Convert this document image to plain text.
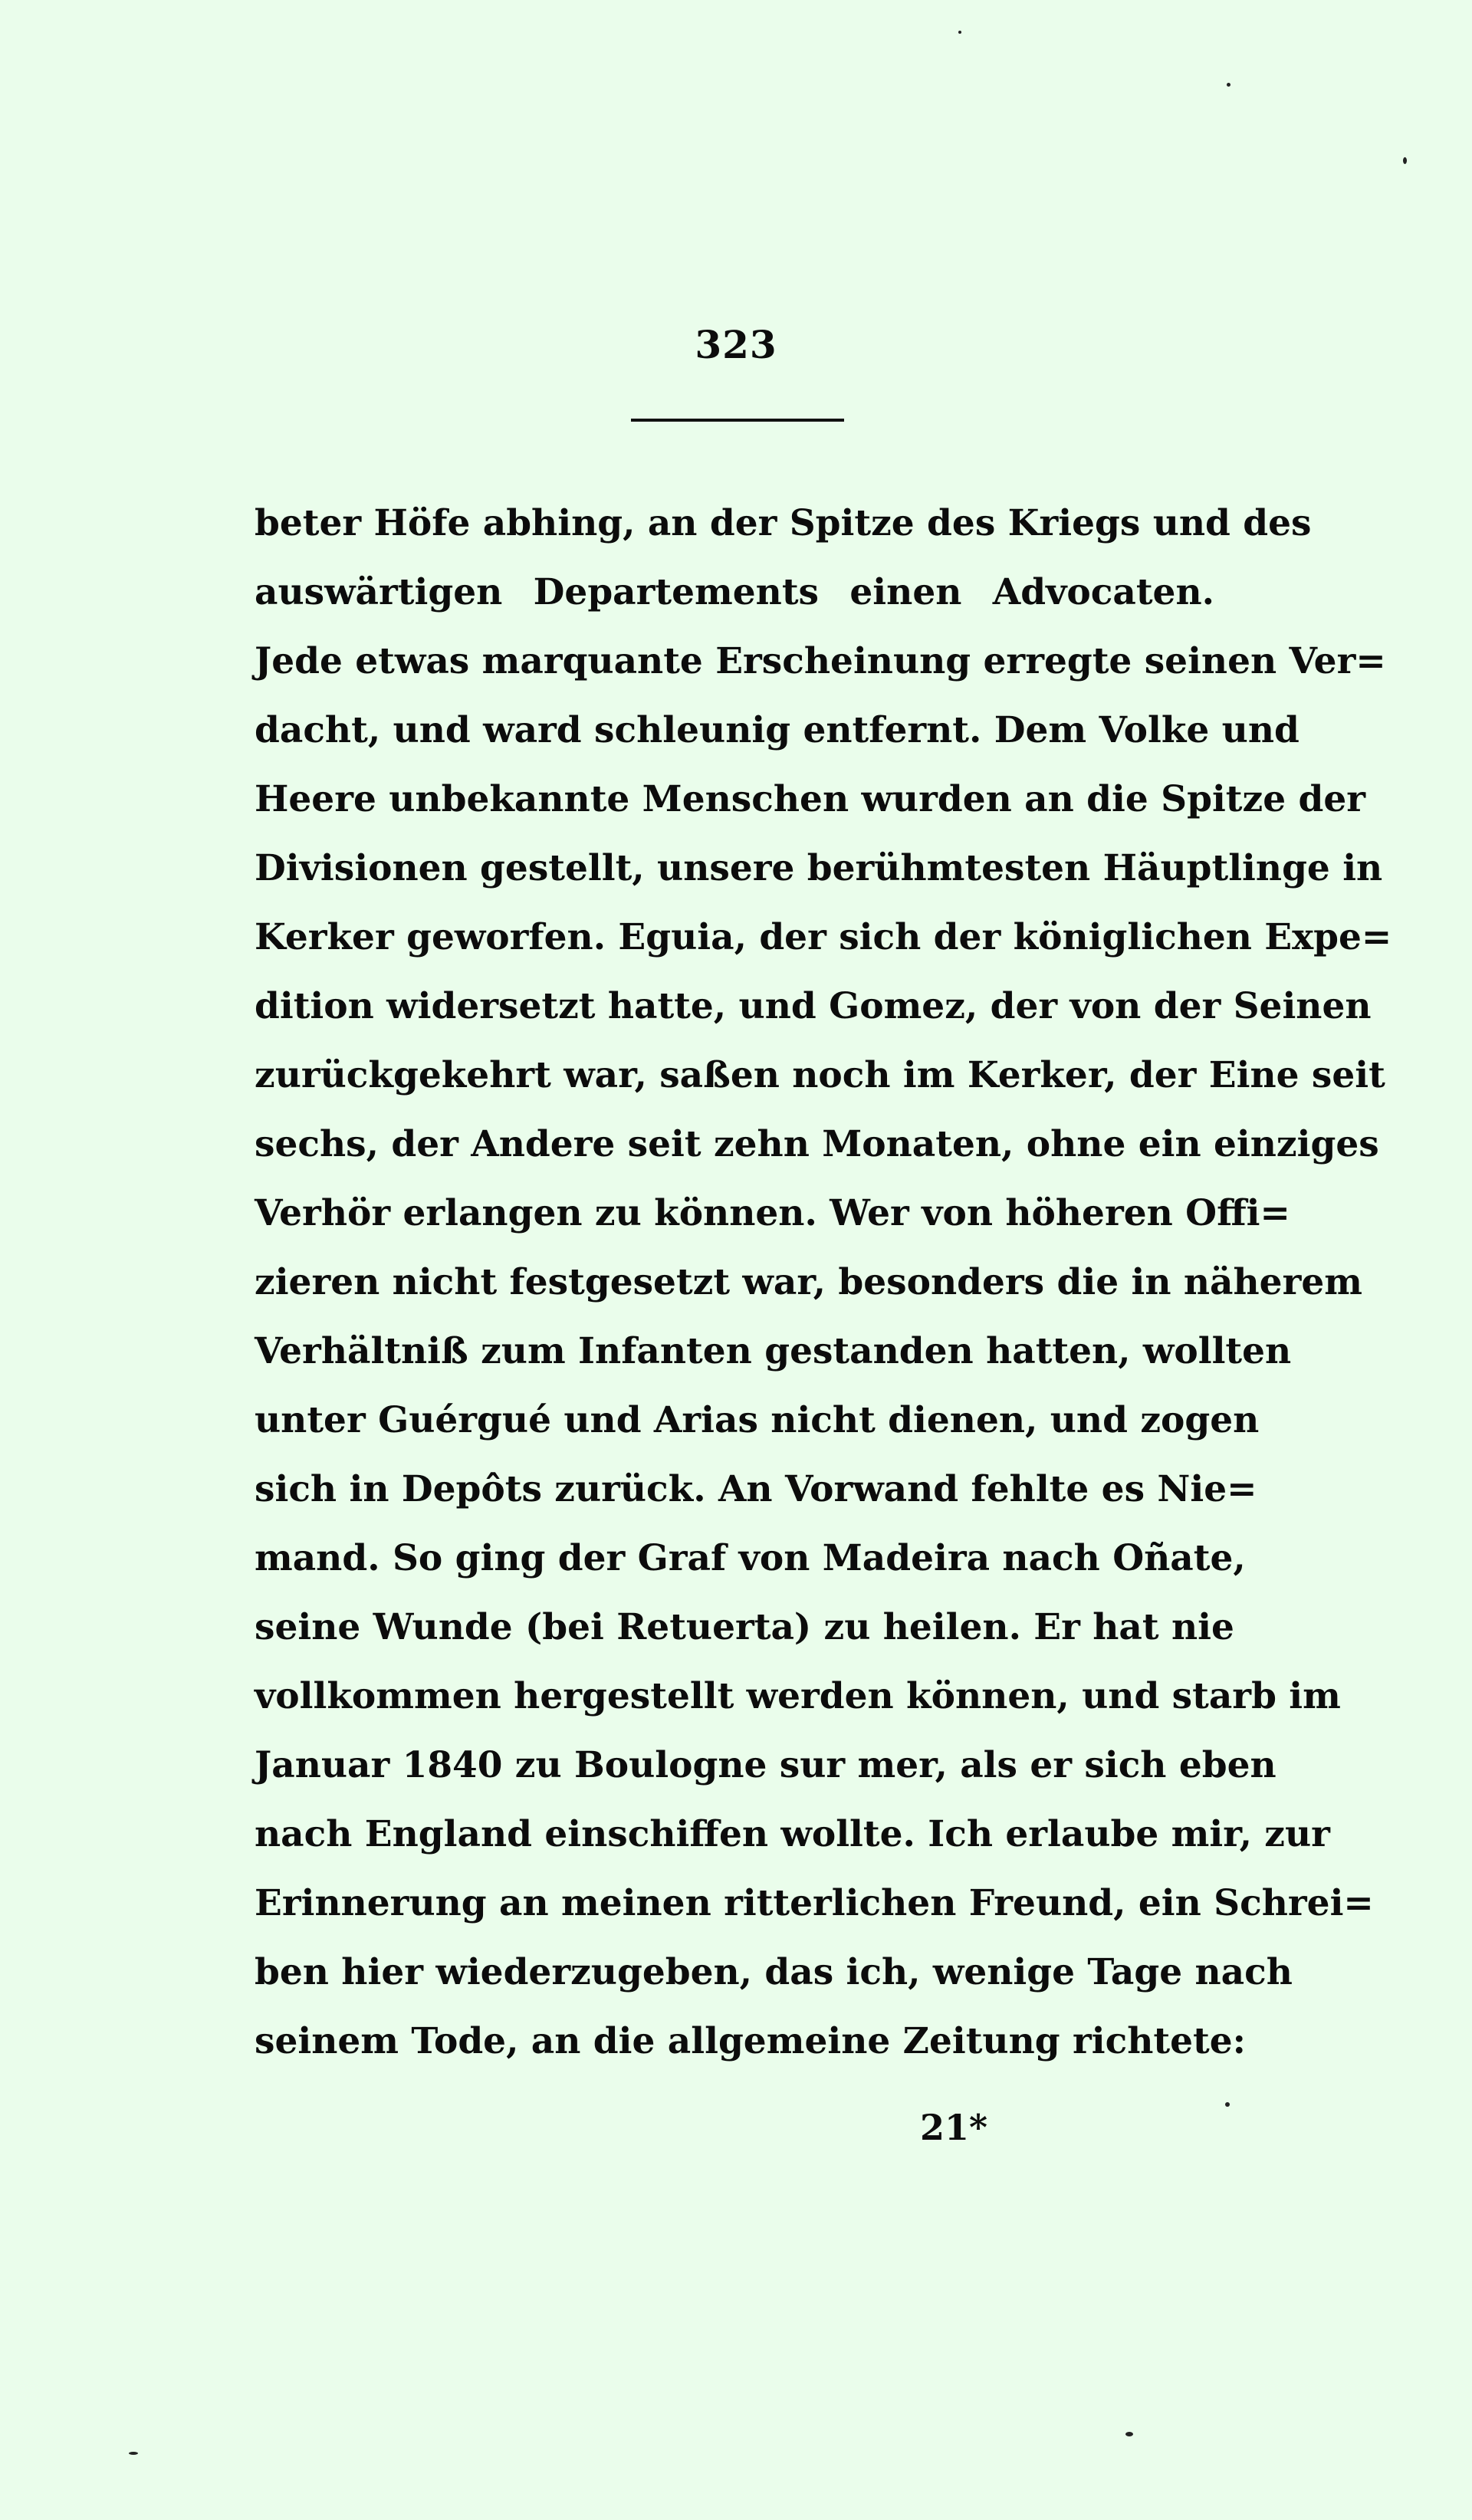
323
beter Höfe abhing, an der Spitze des Kriegs und des
auswärtigen Departements einen Advocaten.
Jede etwas marquante Erscheinung erregte seinen Ver=
dacht, und ward schleunig entfernt. Dem Volke und
Heere unbekannte Menschen wurden an die Spitze der
Divisionen gestellt, unsere berühmtesten Häuptlinge in
Kerker geworfen. Eguia, der sich der königlichen Expe=
dition widersetzt hatte, und Gomez, der von der Seinen
zurückgekehrt war, saßen noch im Kerker, der Eine seit
sechs, der Andere seit zehn Monaten, ohne ein einziges
Verhör erlangen zu können. Wer von höheren Offi=
zieren nicht festgesetzt war, besonders die in näherem
Verhältniß zum Infanten gestanden hatten, wollten
unter Guérgué und Arias nicht dienen, und zogen
sich in Depôts zurück. An Vorwand fehlte es Nie=
mand. So ging der Graf von Madeira nach Oñate,
seine Wunde (bei Retuerta) zu heilen. Er hat nie
vollkommen hergestellt werden können, und starb im
Januar 1840 zu Boulogne sur mer, als er sich eben
nach England einschiffen wollte. Ich erlaube mir, zur
Erinnerung an meinen ritterlichen Freund, ein Schrei=
ben hier wiederzugeben, das ich, wenige Tage nach
seinem Tode, an die allgemeine Zeitung richtete:
21*
